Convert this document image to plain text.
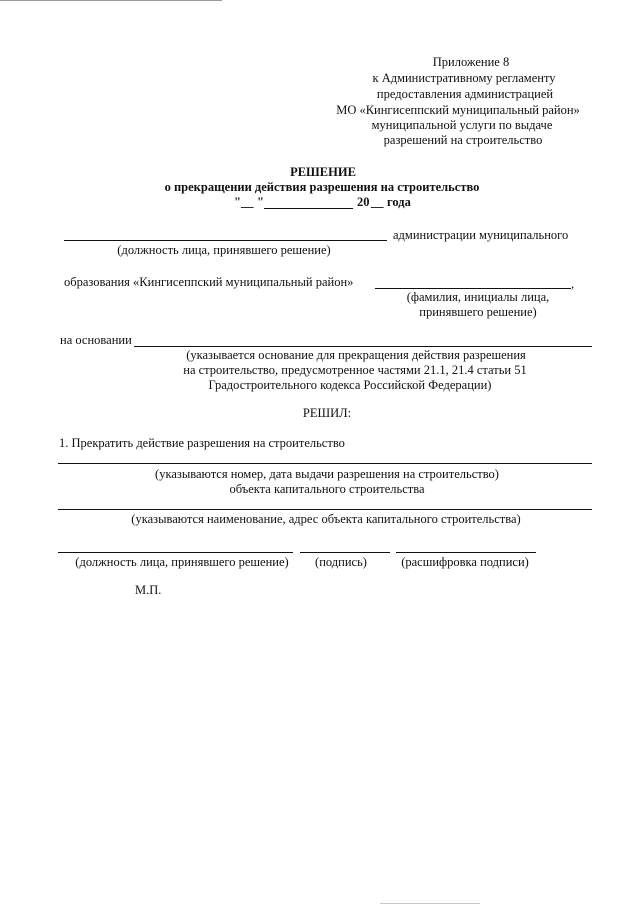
Приложение 8
к Административному регламенту
предоставления администрацией
МО «Кингисеппский муниципальный район»
муниципальной услуги по выдаче
разрешений на строительство
РЕШЕНИЕ
о прекращении действия разрешения на строительство
" __ "	20 __ года
администрации муниципального
(должность лица, принявшего решение)
образования «Кингисеппский муниципальный район»	,
(фамилия, инициалы лица,
принявшего решение)
на основании
(указывается основание для прекращения действия разрешения
на строительство, предусмотренное частями 21.1, 21.4 статьи 51
Градостроительного кодекса Российской Федерации)
РЕШИЛ:
1. Прекратить действие разрешения на строительство
(указываются номер, дата выдачи разрешения на строительство)
объекта капитального строительства
(указываются наименование, адрес объекта капитального строительства)
(должность лица, принявшего решение) (подпись)	(расшифровка подписи)
М.П.
